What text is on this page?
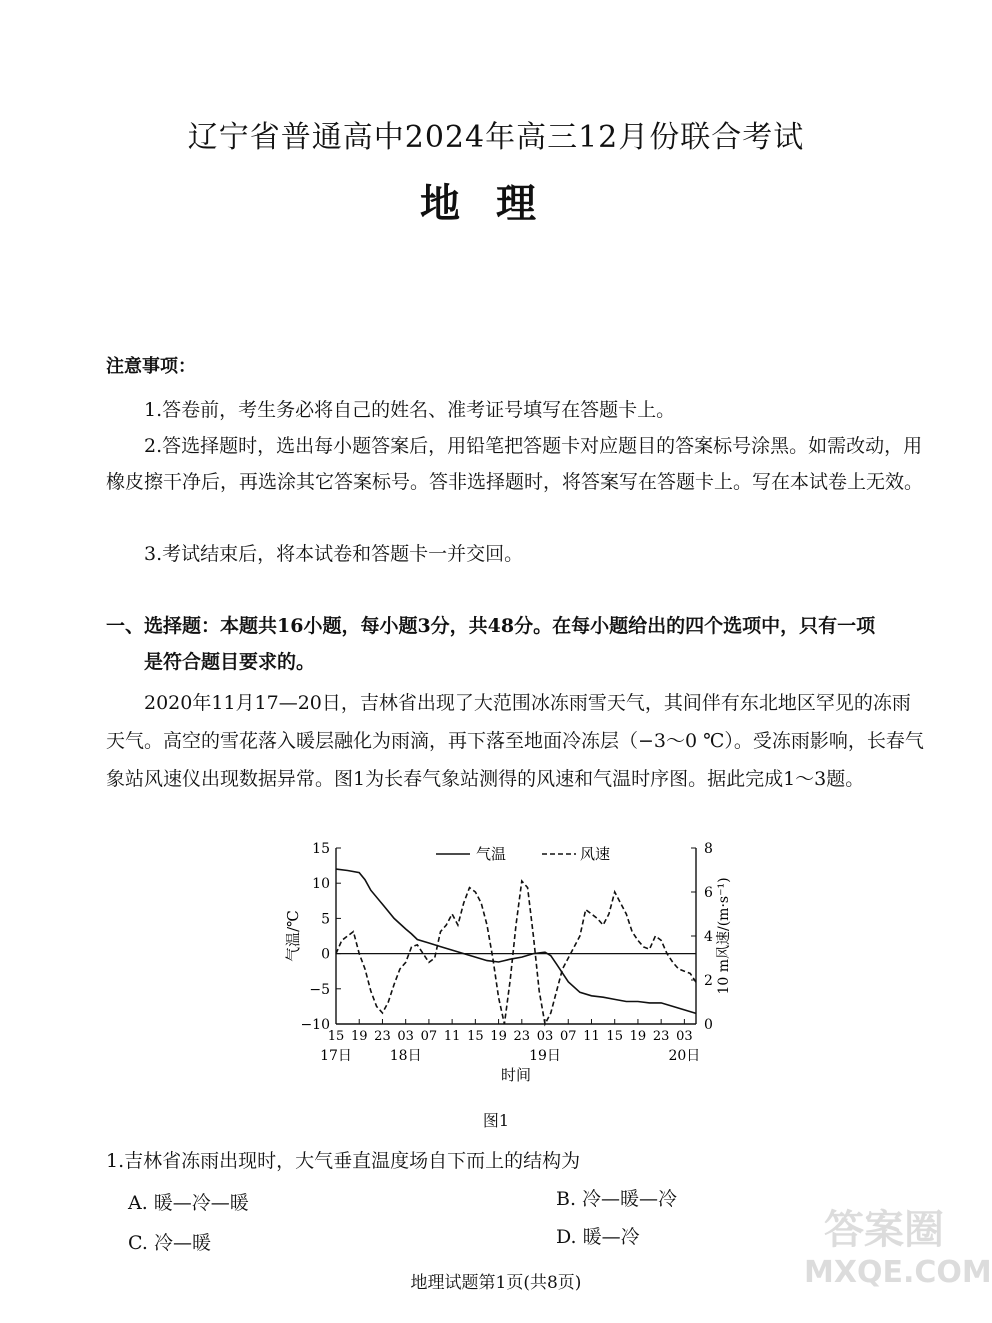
辽宁省普通高中2024年高三12月份联合考试
地理
注意事项：
1.答卷前，考生务必将自己的姓名、准考证号填写在答题卡上。
2.答选择题时，选出每小题答案后，用铅笔把答题卡对应题目的答案标号涂黑。如需改动，用橡皮擦干净后，再选涂其它答案标号。答非选择题时，将答案写在答题卡上。写在本试卷上无效。
3.考试结束后，将本试卷和答题卡一并交回。
一、选择题：本题共16小题，每小题3分，共48分。在每小题给出的四个选项中，只有一项
是符合题目要求的。
2020年11月17—20日，吉林省出现了大范围冰冻雨雪天气，其间伴有东北地区罕见的冻雨天气。高空的雪花落入暖层融化为雨滴，再下落至地面冷冻层（−3～0 ℃）。受冻雨影响，长春气象站风速仪出现数据异常。图1为长春气象站测得的风速和气温时序图。据此完成1～3题。
15
10
5
0
−5
−10
8
6
4
2
0
15 19 23 03 07 11 15 19 23 03 07 11 15 19 23 03
17日	18日	19日	20日
时间
气温/℃	10 m风速/(m·s⁻¹)
气温	风速
图1
1.吉林省冻雨出现时，大气垂直温度场自下而上的结构为
A. 暖—冷—暖	B. 冷—暖—冷
C. 冷—暖	D. 暖—冷
地理试题第1页(共8页)
答案圈
MXQE.COM
